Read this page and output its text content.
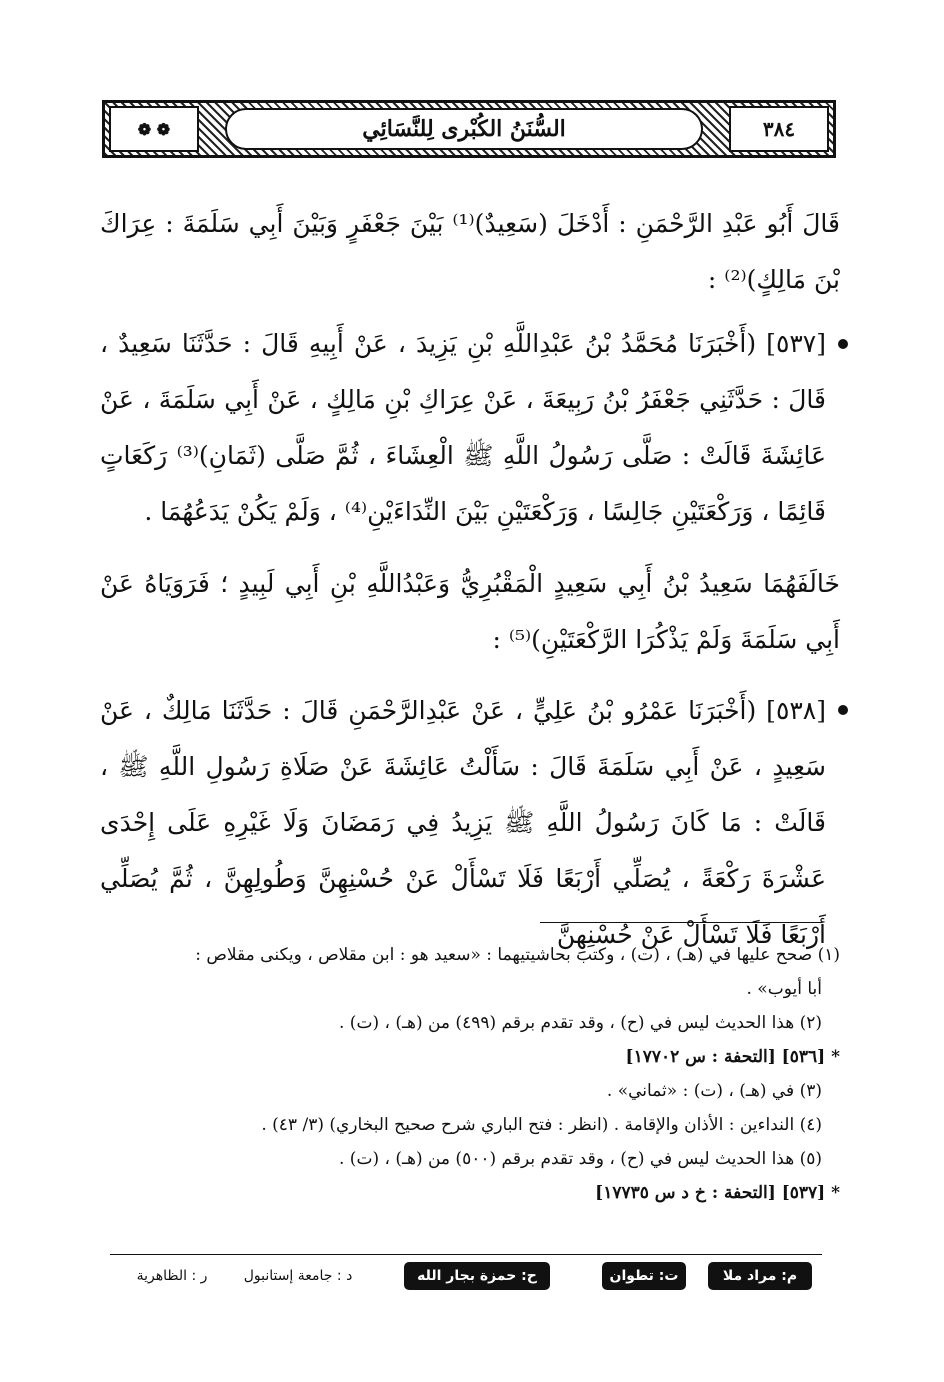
❁ ❁	السُّنَنُ الكُبْرى لِلنَّسَائِي	٣٨٤
قَالَ أَبُو عَبْدِ الرَّحْمَنِ : أَدْخَلَ (سَعِيدٌ)⁽¹⁾ بَيْنَ جَعْفَرٍ وَبَيْنَ أَبِي سَلَمَةَ : عِرَاكَ بْنَ مَالِكٍ)⁽²⁾ :
[٥٣٧] (أَخْبَرَنَا مُحَمَّدُ بْنُ عَبْدِاللَّهِ بْنِ يَزِيدَ ، عَنْ أَبِيهِ قَالَ : حَدَّثَنَا سَعِيدٌ ، قَالَ : حَدَّثَنِي جَعْفَرُ بْنُ رَبِيعَةَ ، عَنْ عِرَاكِ بْنِ مَالِكٍ ، عَنْ أَبِي سَلَمَةَ ، عَنْ عَائِشَةَ قَالَتْ : صَلَّى رَسُولُ اللَّهِ ﷺ الْعِشَاءَ ، ثُمَّ صَلَّى (ثَمَانِ)⁽³⁾ رَكَعَاتٍ قَائِمًا ، وَرَكْعَتَيْنِ جَالِسًا ، وَرَكْعَتَيْنِ بَيْنَ النِّدَاءَيْنِ⁽⁴⁾ ، وَلَمْ يَكُنْ يَدَعُهُمَا .
خَالَفَهُمَا سَعِيدُ بْنُ أَبِي سَعِيدٍ الْمَقْبُرِيُّ وَعَبْدُاللَّهِ بْنِ أَبِي لَبِيدٍ ؛ فَرَوَيَاهُ عَنْ أَبِي سَلَمَةَ وَلَمْ يَذْكُرَا الرَّكْعَتَيْنِ)⁽⁵⁾ :
[٥٣٨] (أَخْبَرَنَا عَمْرُو بْنُ عَلِيٍّ ، عَنْ عَبْدِالرَّحْمَنِ قَالَ : حَدَّثَنَا مَالِكٌ ، عَنْ سَعِيدٍ ، عَنْ أَبِي سَلَمَةَ قَالَ : سَأَلْتُ عَائِشَةَ عَنْ صَلَاةِ رَسُولِ اللَّهِ ﷺ ، قَالَتْ : مَا كَانَ رَسُولُ اللَّهِ ﷺ يَزِيدُ فِي رَمَضَانَ وَلَا غَيْرِهِ عَلَى إِحْدَى عَشْرَةَ رَكْعَةً ، يُصَلِّي أَرْبَعًا فَلَا تَسْأَلْ عَنْ حُسْنِهِنَّ وَطُولِهِنَّ ، ثُمَّ يُصَلِّي أَرْبَعًا فَلَا تَسْأَلْ عَنْ حُسْنِهِنَّ
(١) صحح عليها في (هـ) ، (ت) ، وكتب بحاشيتيهما : «سعيد هو : ابن مقلاص ، ويكنى مقلاص :
أبا أيوب» .
(٢) هذا الحديث ليس في (ح) ، وقد تقدم برقم (٤٩٩) من (هـ) ، (ت) .
* [٥٣٦] [التحفة : س ١٧٧٠٢]
(٣) في (هـ) ، (ت) : «ثماني» .
(٤) النداءين : الأذان والإقامة . (انظر : فتح الباري شرح صحيح البخاري) (٣/ ٤٣) .
(٥) هذا الحديث ليس في (ح) ، وقد تقدم برقم (٥٠٠) من (هـ) ، (ت) .
* [٥٣٧] [التحفة : خ د س ١٧٧٣٥]
م: مراد ملا
ت: تطوان
ح: حمزة بجار الله
د : جامعة إستانبول
ر : الظاهرية
